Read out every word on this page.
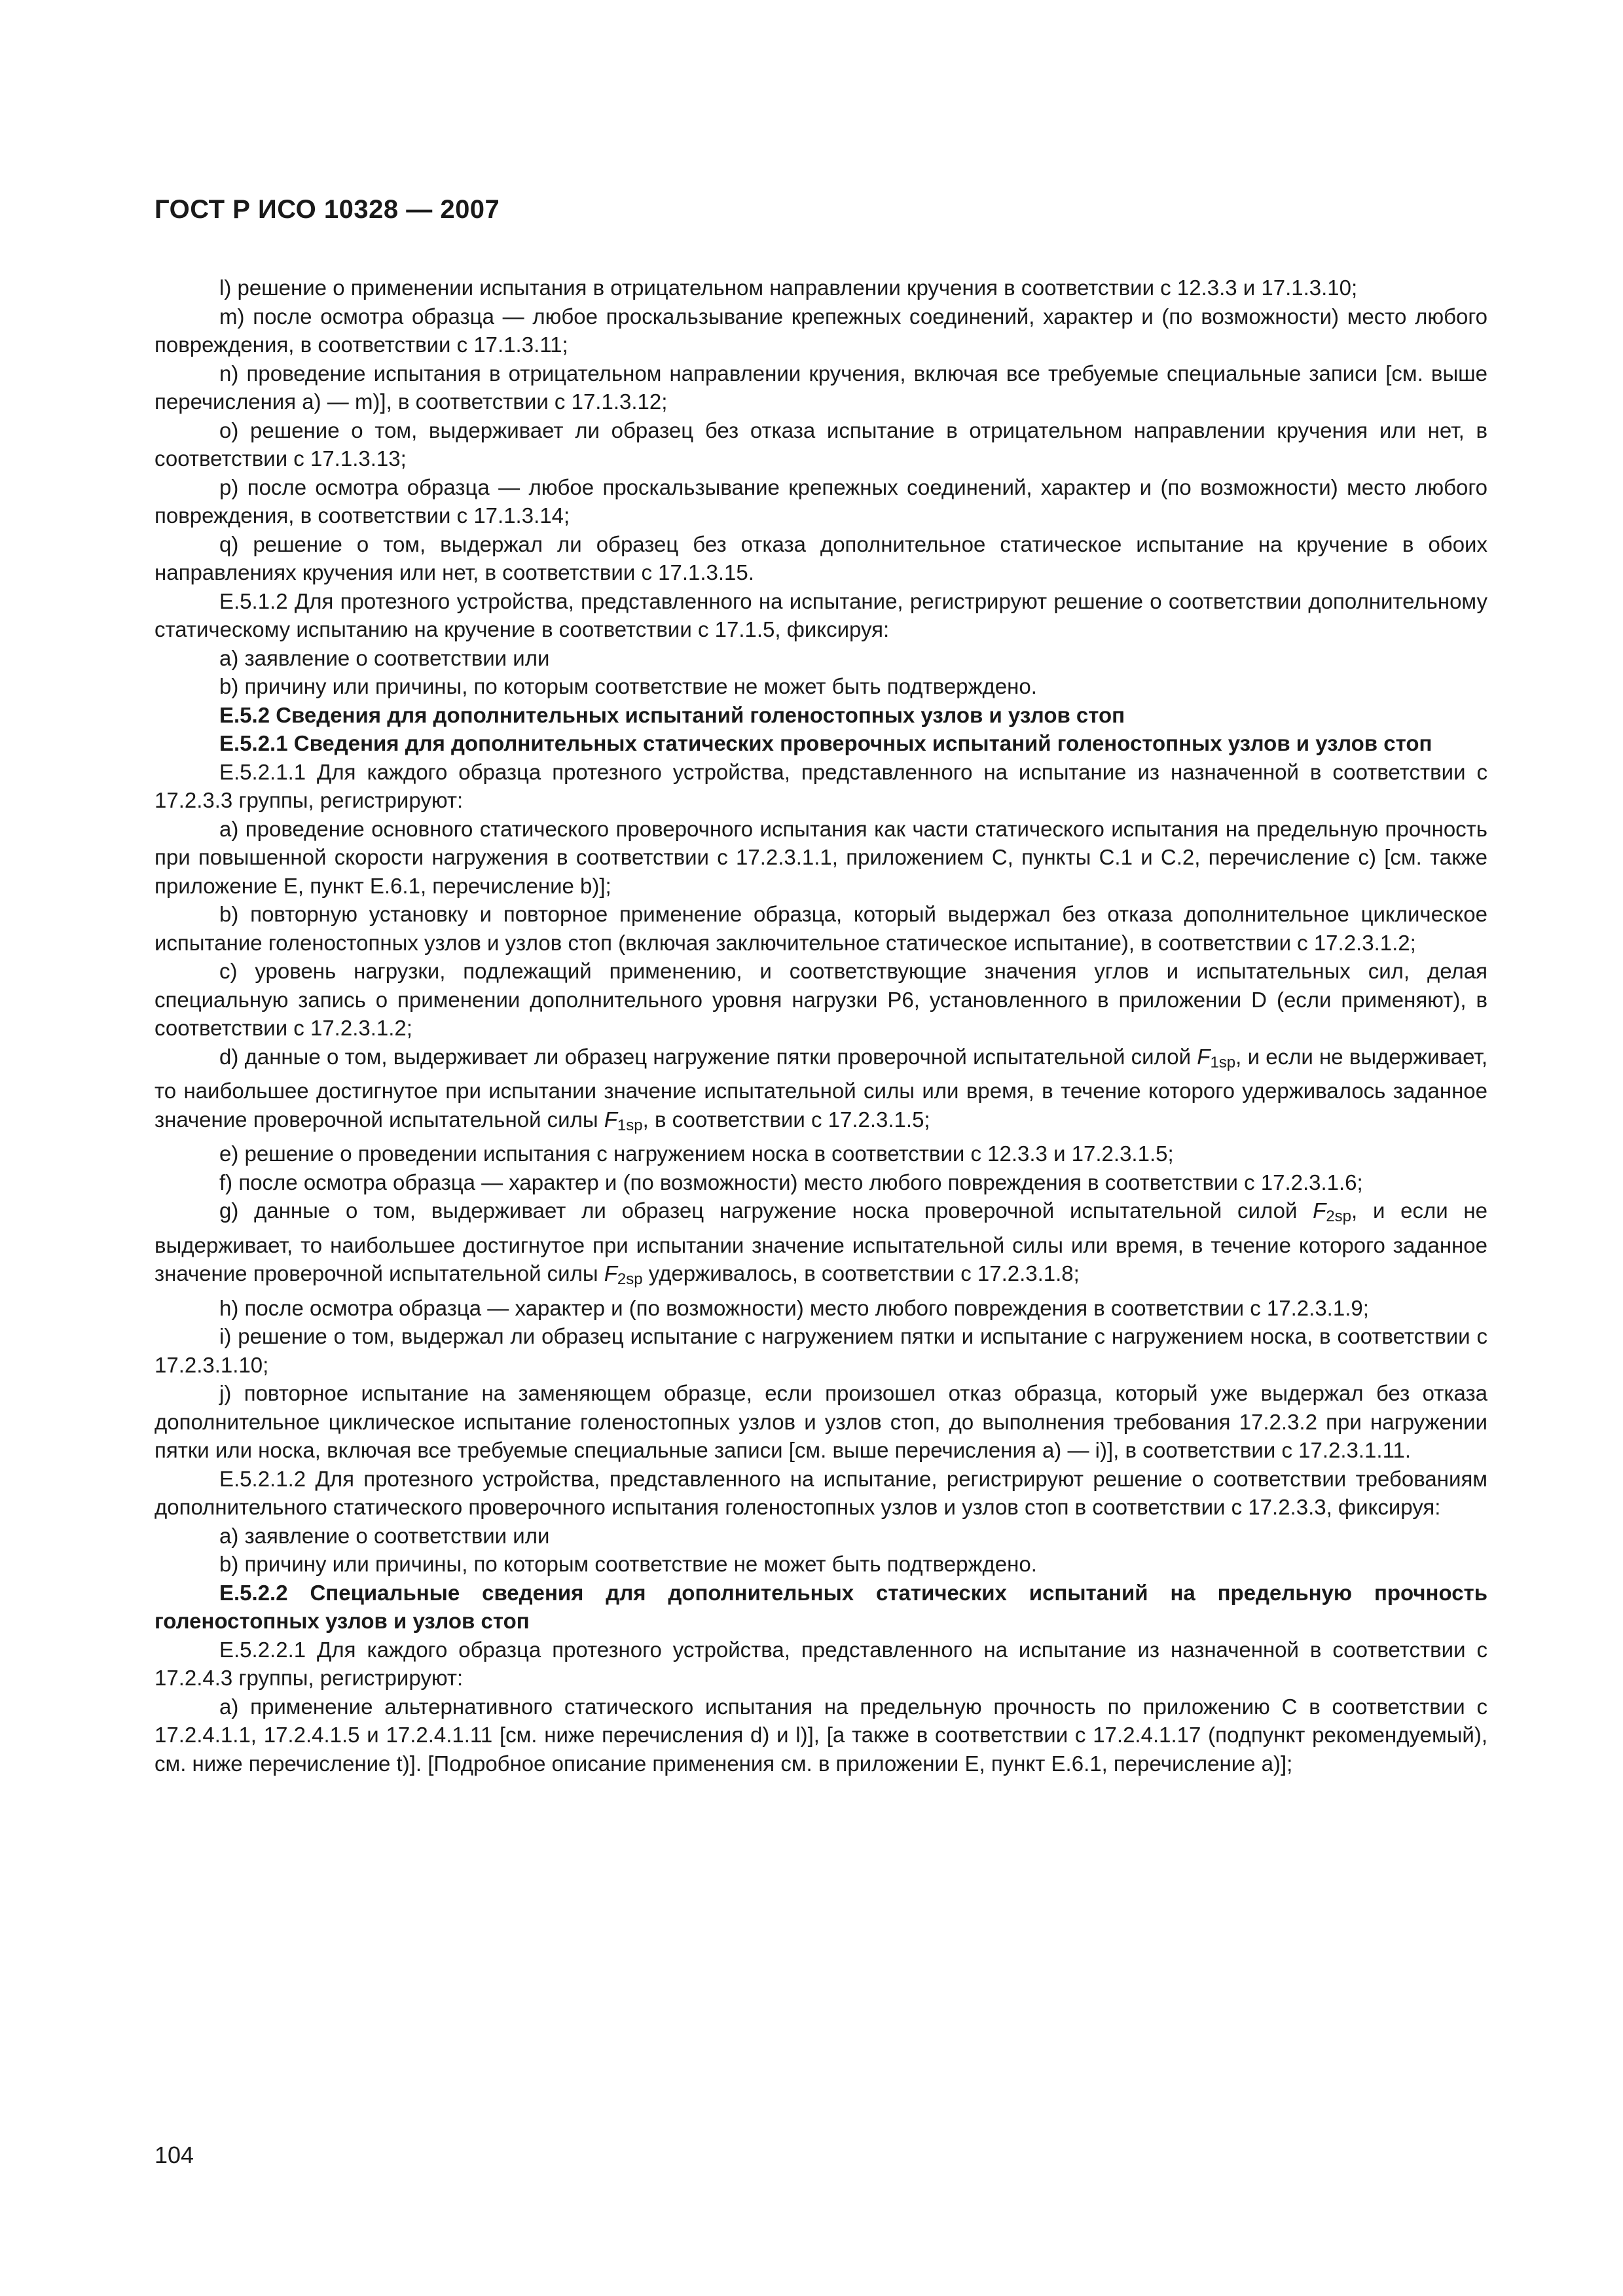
ГОСТ Р ИСО 10328 — 2007

l) решение о применении испытания в отрицательном направлении кручения в соответствии с 12.3.3 и 17.1.3.10;

m) после осмотра образца — любое проскальзывание крепежных соединений, характер и (по возможности) место любого повреждения, в соответствии с 17.1.3.11;

n) проведение испытания в отрицательном направлении кручения, включая все требуемые специальные записи [см. выше перечисления а) — m)], в соответствии с 17.1.3.12;

о) решение о том, выдерживает ли образец без отказа испытание в отрицательном направлении кручения или нет, в соответствии с 17.1.3.13;

р) после осмотра образца — любое проскальзывание крепежных соединений, характер и (по возможности) место любого повреждения, в соответствии с 17.1.3.14;

q) решение о том, выдержал ли образец без отказа дополнительное статическое испытание на кручение в обоих направлениях кручения или нет, в соответствии с 17.1.3.15.

Е.5.1.2 Для протезного устройства, представленного на испытание, регистрируют решение о соответствии дополнительному статическому испытанию на кручение в соответствии с 17.1.5, фиксируя:

а) заявление о соответствии или

b) причину или причины, по которым соответствие не может быть подтверждено.

Е.5.2 Сведения для дополнительных испытаний голеностопных узлов и узлов стоп

Е.5.2.1 Сведения для дополнительных статических проверочных испытаний голеностопных узлов и узлов стоп

Е.5.2.1.1 Для каждого образца протезного устройства, представленного на испытание из назначенной в соответствии с 17.2.3.3 группы, регистрируют:

а) проведение основного статического проверочного испытания как части статического испытания на предельную прочность при повышенной скорости нагружения в соответствии с 17.2.3.1.1, приложением С, пункты С.1 и С.2, перечисление с) [см. также приложение Е, пункт Е.6.1, перечисление b)];

b) повторную установку и повторное применение образца, который выдержал без отказа дополнительное циклическое испытание голеностопных узлов и узлов стоп (включая заключительное статическое испытание), в соответствии с 17.2.3.1.2;

с) уровень нагрузки, подлежащий применению, и соответствующие значения углов и испытательных сил, делая специальную запись о применении дополнительного уровня нагрузки Р6, установленного в приложении D (если применяют), в соответствии с 17.2.3.1.2;

d) данные о том, выдерживает ли образец нагружение пятки проверочной испытательной силой $F_{1sp}$, и если не выдерживает, то наибольшее достигнутое при испытании значение испытательной силы или время, в течение которого удерживалось заданное значение проверочной испытательной силы $F_{1sp}$, в соответствии с 17.2.3.1.5;

е) решение о проведении испытания с нагружением носка в соответствии с 12.3.3 и 17.2.3.1.5;

f) после осмотра образца — характер и (по возможности) место любого повреждения в соответствии с 17.2.3.1.6;

g) данные о том, выдерживает ли образец нагружение носка проверочной испытательной силой $F_{2sp}$, и если не выдерживает, то наибольшее достигнутое при испытании значение испытательной силы или время, в течение которого заданное значение проверочной испытательной силы $F_{2sp}$ удерживалось, в соответствии с 17.2.3.1.8;

h) после осмотра образца — характер и (по возможности) место любого повреждения в соответствии с 17.2.3.1.9;

i) решение о том, выдержал ли образец испытание с нагружением пятки и испытание с нагружением носка, в соответствии с 17.2.3.1.10;

j) повторное испытание на заменяющем образце, если произошел отказ образца, который уже выдержал без отказа дополнительное циклическое испытание голеностопных узлов и узлов стоп, до выполнения требования 17.2.3.2 при нагружении пятки или носка, включая все требуемые специальные записи [см. выше перечисления а) — i)], в соответствии с 17.2.3.1.11.

Е.5.2.1.2 Для протезного устройства, представленного на испытание, регистрируют решение о соответствии требованиям дополнительного статического проверочного испытания голеностопных узлов и узлов стоп в соответствии с 17.2.3.3, фиксируя:

а) заявление о соответствии или

b) причину или причины, по которым соответствие не может быть подтверждено.

Е.5.2.2 Специальные сведения для дополнительных статических испытаний на предельную прочность голеностопных узлов и узлов стоп

Е.5.2.2.1 Для каждого образца протезного устройства, представленного на испытание из назначенной в соответствии с 17.2.4.3 группы, регистрируют:

а) применение альтернативного статического испытания на предельную прочность по приложению С в соответствии с 17.2.4.1.1, 17.2.4.1.5 и 17.2.4.1.11 [см. ниже перечисления d) и l)], [а также в соответствии с 17.2.4.1.17 (подпункт рекомендуемый), см. ниже перечисление t)]. [Подробное описание применения см. в приложении Е, пункт Е.6.1, перечисление а)];

104
